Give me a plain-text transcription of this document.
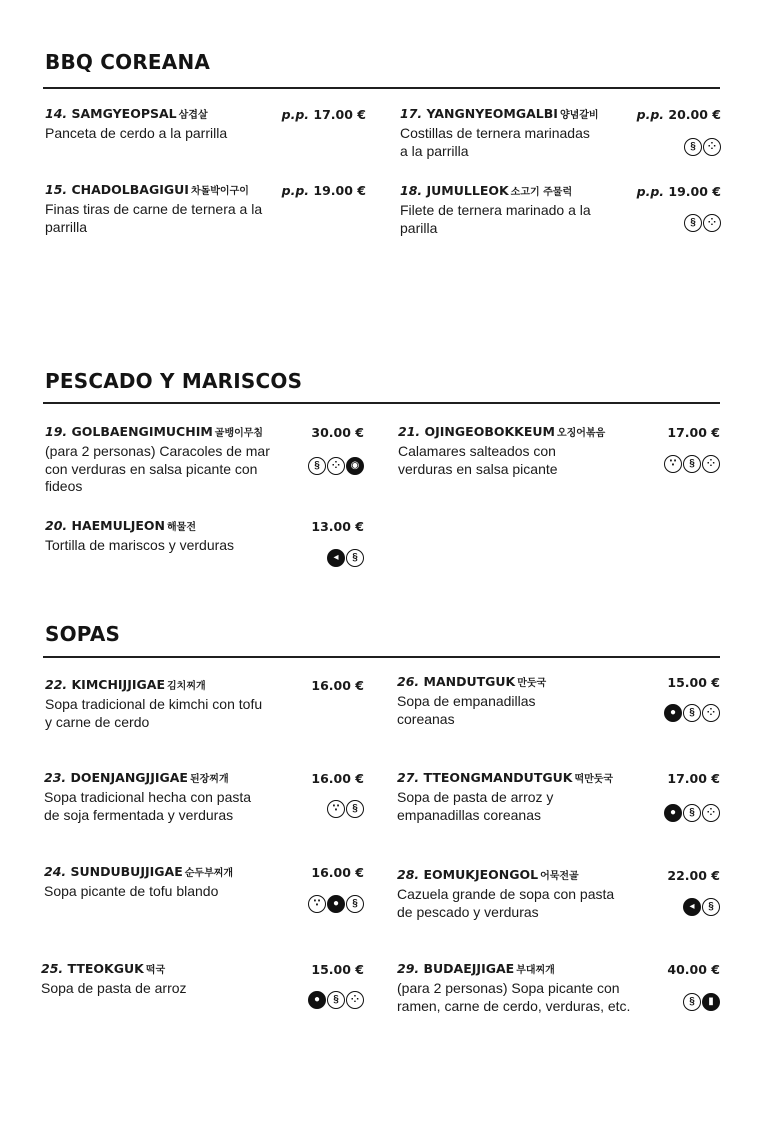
BBQ COREANA
PESCADO Y MARISCOS
SOPAS
14. SAMGYEOPSAL 삼겹살
Panceta de cerdo a la parrilla
p.p. 17.00 €	17. YANGNYEOMGALBI 양념갈비
Costillas de ternera marinadas a la parrilla
p.p. 20.00 €
§	⁘
15. CHADOLBAGIGUI 차돌박이구이
Finas tiras de carne de ternera a la parrilla
p.p. 19.00 €	18. JUMULLEOK 소고기 주물럭
Filete de ternera marinado a la parilla
p.p. 19.00 €
§	⁘
19. GOLBAENGIMUCHIM 골뱅이무침
(para 2 personas) Caracoles de mar con verduras en salsa picante con fideos
30.00 €
§	⁘	◉
21. OJINGEOBOKKEUM 오징어볶음
Calamares salteados con verduras en salsa picante
17.00 €
∵	§	⁘
20. HAEMULJEON 해물전
Tortilla de mariscos y verduras
13.00 €
◂	§
22. KIMCHIJJIGAE 김치찌개
Sopa tradicional de kimchi con tofu y carne de cerdo
16.00 €	26. MANDUTGUK 만둣국
Sopa de empanadillas coreanas
15.00 €
●	§	⁘
23. DOENJANGJJIGAE 된장찌개
Sopa tradicional hecha con pasta de soja fermentada y verduras
16.00 €
∵	§
27. TTEONGMANDUTGUK 떡만둣국
Sopa de pasta de arroz y empanadillas coreanas
17.00 €
●	§	⁘
24. SUNDUBUJJIGAE 순두부찌개
Sopa picante de tofu blando
16.00 €
∵	●	§
28. EOMUKJEONGOL 어묵전골
Cazuela grande de sopa con pasta de pescado y verduras
22.00 €
◂	§
25. TTEOKGUK 떡국
Sopa de pasta de arroz
15.00 €
●	§	⁘
29. BUDAEJJIGAE 부대찌개
(para 2 personas) Sopa picante con ramen, carne de cerdo, verduras, etc.
40.00 €
§	▮
